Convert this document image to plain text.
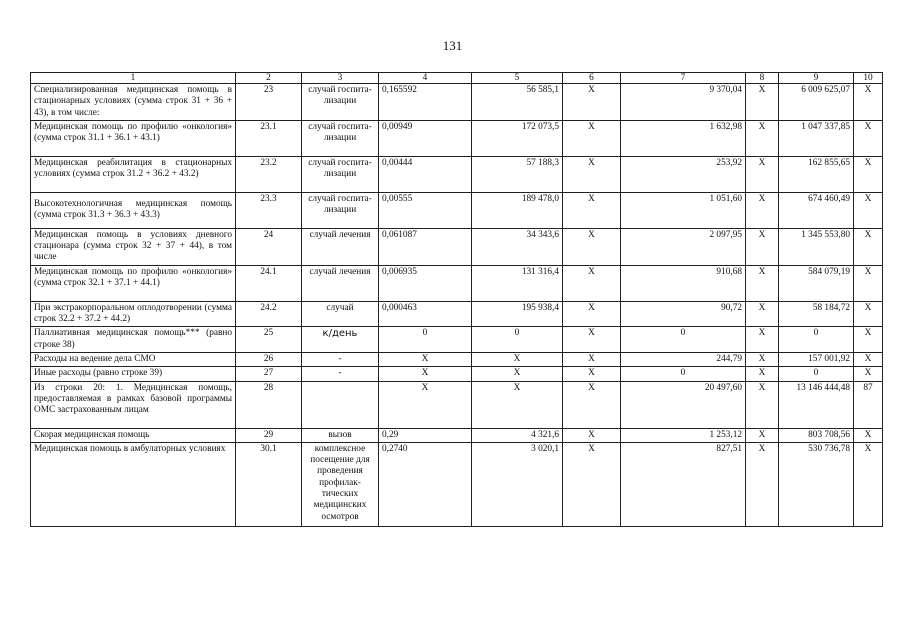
131
1	2	3	4	5	6	7	8	9	10
Специализированная медицинская помощь в стационарных условиях (сумма строк 31 + 36 + 43), в том числе:	23	случай госпита-лизации	0,165592	56 585,1	X	9 370,04	X	6 009 625,07	X
Медицинская помощь по профилю «онкология» (сумма строк 31.1 + 36.1 + 43.1)	23.1	случай госпита-лизации	0,00949	172 073,5	X	1 632,98	X	1 047 337,85	X
Медицинская реабилитация в стационарных условиях (сумма строк 31.2 + 36.2 + 43.2)	23.2	случай госпита-лизации	0,00444	57 188,3	X	253,92	X	162 855,65	X
Высокотехнологичная медицинская помощь (сумма строк 31.3 + 36.3 + 43.3)	23.3	случай госпита-лизации	0,00555	189 478,0	X	1 051,60	X	674 460,49	X
Медицинская помощь в условиях дневного стационара (сумма строк 32 + 37 + 44), в том числе	24	случай лечения	0,061087	34 343,6	X	2 097,95	X	1 345 553,80	X
Медицинская помощь по профилю «онкология» (сумма строк 32.1 + 37.1 + 44.1)	24.1	случай лечения	0,006935	131 316,4	X	910,68	X	584 079,19	X
При экстракорпоральном оплодотворении (сумма строк 32.2 + 37.2 + 44.2)	24.2	случай	0,000463	195 938,4	X	90,72	X	58 184,72	X
Паллиативная медицинская помощь*** (равно строке 38)	25	к/день	0	0	X	0	X	0	X
Расходы на ведение дела СМО	26	-	X	X	X	244,79	X	157 001,92	X
Иные расходы (равно строке 39)	27	-	X	X	X	0	X	0	X
Из строки 20: 1. Медицинская помощь, предоставляемая в рамках базовой программы ОМС застрахованным лицам	28		X	X	X	20 497,60	X	13 146 444,48	87
Скорая медицинская помощь	29	вызов	0,29	4 321,6	X	1 253,12	X	803 708,56	X
Медицинская помощь в амбулаторных условиях	30.1	комплексное посещение для проведения профилак-тических медицинских осмотров	0,2740	3 020,1	X	827,51	X	530 736,78	X
